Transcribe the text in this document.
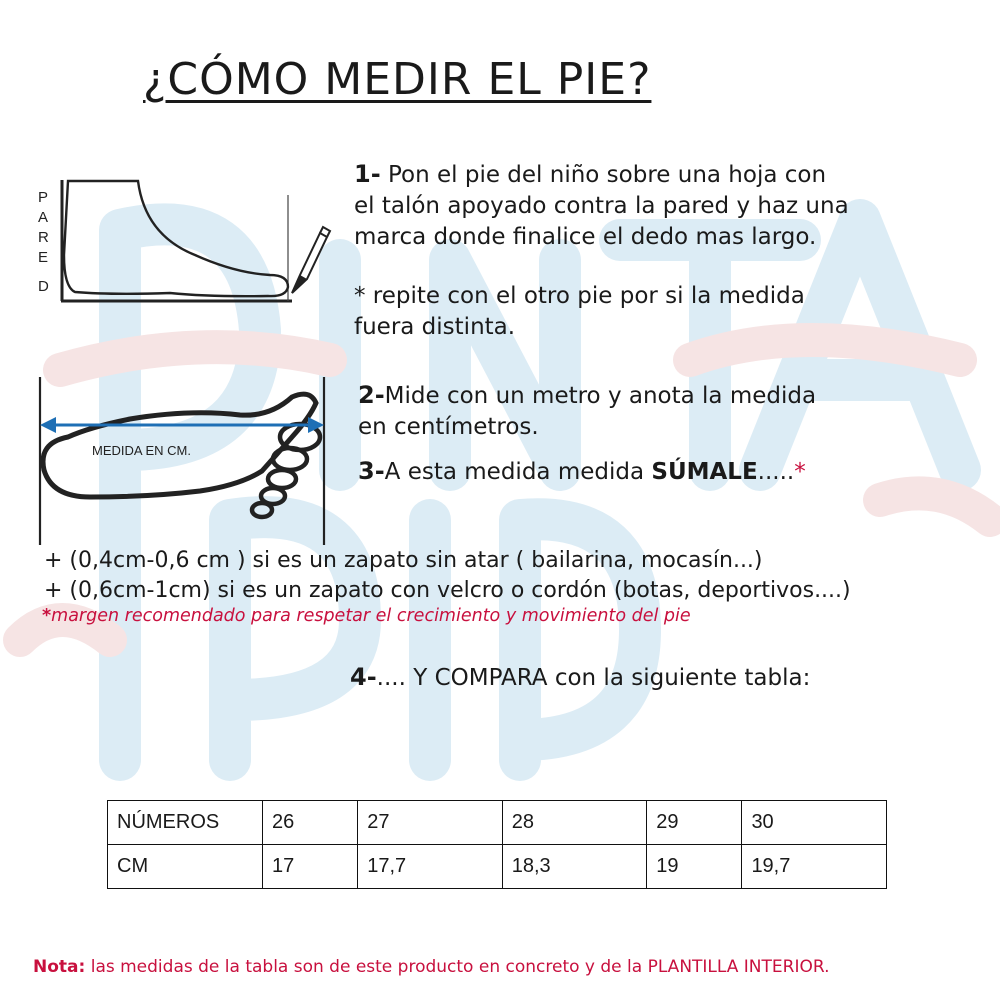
¿CÓMO MEDIR EL PIE?
P
A
R
E
D
MEDIDA EN CM.
1- Pon el pie del niño sobre una hoja con
el talón apoyado contra la pared y haz una
marca donde finalice el dedo mas largo.
* repite con el otro pie por si la medida
fuera distinta.
2-Mide con un metro y anota la medida
en centímetros.
3-A esta medida medida SÚMALE.....*
+ (0,4cm-0,6 cm ) si es un zapato sin atar ( bailarina, mocasín...)
+ (0,6cm-1cm) si es un zapato con velcro o cordón (botas, deportivos....)
*margen recomendado para respetar el crecimiento y movimiento del pie
4-.... Y COMPARA con la siguiente tabla:
NÚMEROS	26	27	28	29	30
CM	17	17,7	18,3	19	19,7
Nota: las medidas de la tabla son de este producto en concreto y de la PLANTILLA INTERIOR.
